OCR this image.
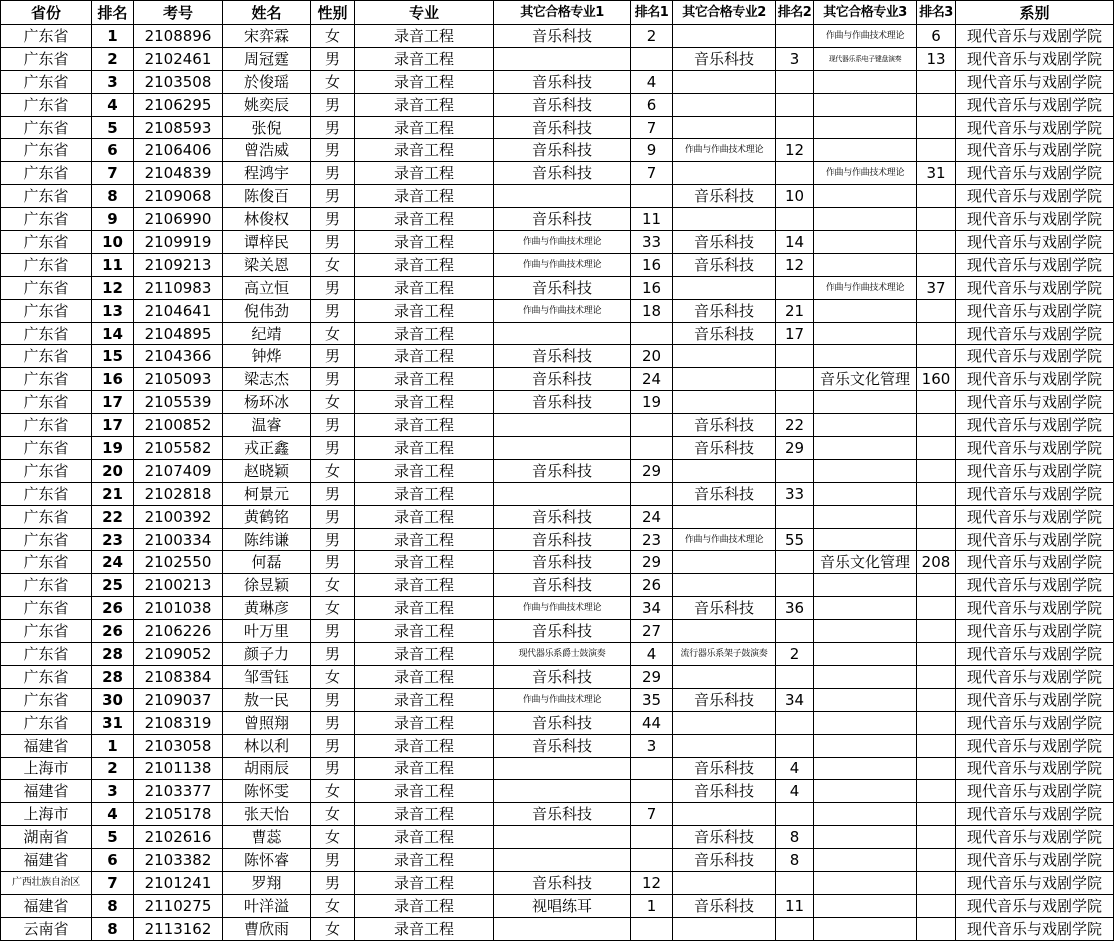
省份	排名	考号	姓名	性别	专业	其它合格专业1	排名1	其它合格专业2	排名2	其它合格专业3	排名3	系别
广东省	1	2108896	宋弈霖	女	录音工程	音乐科技	2			作曲与作曲技术理论	6	现代音乐与戏剧学院
广东省	2	2102461	周冠霆	男	录音工程			音乐科技	3	现代器乐系电子键盘演奏	13	现代音乐与戏剧学院
广东省	3	2103508	於俊瑶	女	录音工程	音乐科技	4					现代音乐与戏剧学院
广东省	4	2106295	姚奕辰	男	录音工程	音乐科技	6					现代音乐与戏剧学院
广东省	5	2108593	张倪	男	录音工程	音乐科技	7					现代音乐与戏剧学院
广东省	6	2106406	曾浩威	男	录音工程	音乐科技	9	作曲与作曲技术理论	12			现代音乐与戏剧学院
广东省	7	2104839	程鸿宇	男	录音工程	音乐科技	7			作曲与作曲技术理论	31	现代音乐与戏剧学院
广东省	8	2109068	陈俊百	男	录音工程			音乐科技	10			现代音乐与戏剧学院
广东省	9	2106990	林俊权	男	录音工程	音乐科技	11					现代音乐与戏剧学院
广东省	10	2109919	谭梓民	男	录音工程	作曲与作曲技术理论	33	音乐科技	14			现代音乐与戏剧学院
广东省	11	2109213	梁关恩	女	录音工程	作曲与作曲技术理论	16	音乐科技	12			现代音乐与戏剧学院
广东省	12	2110983	高立恒	男	录音工程	音乐科技	16			作曲与作曲技术理论	37	现代音乐与戏剧学院
广东省	13	2104641	倪伟劲	男	录音工程	作曲与作曲技术理论	18	音乐科技	21			现代音乐与戏剧学院
广东省	14	2104895	纪靖	女	录音工程			音乐科技	17			现代音乐与戏剧学院
广东省	15	2104366	钟烨	男	录音工程	音乐科技	20					现代音乐与戏剧学院
广东省	16	2105093	梁志杰	男	录音工程	音乐科技	24			音乐文化管理	160	现代音乐与戏剧学院
广东省	17	2105539	杨环冰	女	录音工程	音乐科技	19					现代音乐与戏剧学院
广东省	17	2100852	温睿	男	录音工程			音乐科技	22			现代音乐与戏剧学院
广东省	19	2105582	戎正鑫	男	录音工程			音乐科技	29			现代音乐与戏剧学院
广东省	20	2107409	赵晓颖	女	录音工程	音乐科技	29					现代音乐与戏剧学院
广东省	21	2102818	柯景元	男	录音工程			音乐科技	33			现代音乐与戏剧学院
广东省	22	2100392	黄鹤铭	男	录音工程	音乐科技	24					现代音乐与戏剧学院
广东省	23	2100334	陈纬谦	男	录音工程	音乐科技	23	作曲与作曲技术理论	55			现代音乐与戏剧学院
广东省	24	2102550	何磊	男	录音工程	音乐科技	29			音乐文化管理	208	现代音乐与戏剧学院
广东省	25	2100213	徐昱颖	女	录音工程	音乐科技	26					现代音乐与戏剧学院
广东省	26	2101038	黄琳彦	女	录音工程	作曲与作曲技术理论	34	音乐科技	36			现代音乐与戏剧学院
广东省	26	2106226	叶万里	男	录音工程	音乐科技	27					现代音乐与戏剧学院
广东省	28	2109052	颜子力	男	录音工程	现代器乐系爵士鼓演奏	4	流行器乐系架子鼓演奏	2			现代音乐与戏剧学院
广东省	28	2108384	邹雪钰	女	录音工程	音乐科技	29					现代音乐与戏剧学院
广东省	30	2109037	敖一民	男	录音工程	作曲与作曲技术理论	35	音乐科技	34			现代音乐与戏剧学院
广东省	31	2108319	曾照翔	男	录音工程	音乐科技	44					现代音乐与戏剧学院
福建省	1	2103058	林以利	男	录音工程	音乐科技	3					现代音乐与戏剧学院
上海市	2	2101138	胡雨辰	男	录音工程			音乐科技	4			现代音乐与戏剧学院
福建省	3	2103377	陈怀雯	女	录音工程			音乐科技	4			现代音乐与戏剧学院
上海市	4	2105178	张天怡	女	录音工程	音乐科技	7					现代音乐与戏剧学院
湖南省	5	2102616	曹蕊	女	录音工程			音乐科技	8			现代音乐与戏剧学院
福建省	6	2103382	陈怀睿	男	录音工程			音乐科技	8			现代音乐与戏剧学院
广西壮族自治区	7	2101241	罗翔	男	录音工程	音乐科技	12					现代音乐与戏剧学院
福建省	8	2110275	叶洋溢	女	录音工程	视唱练耳	1	音乐科技	11			现代音乐与戏剧学院
云南省	8	2113162	曹欣雨	女	录音工程							现代音乐与戏剧学院
